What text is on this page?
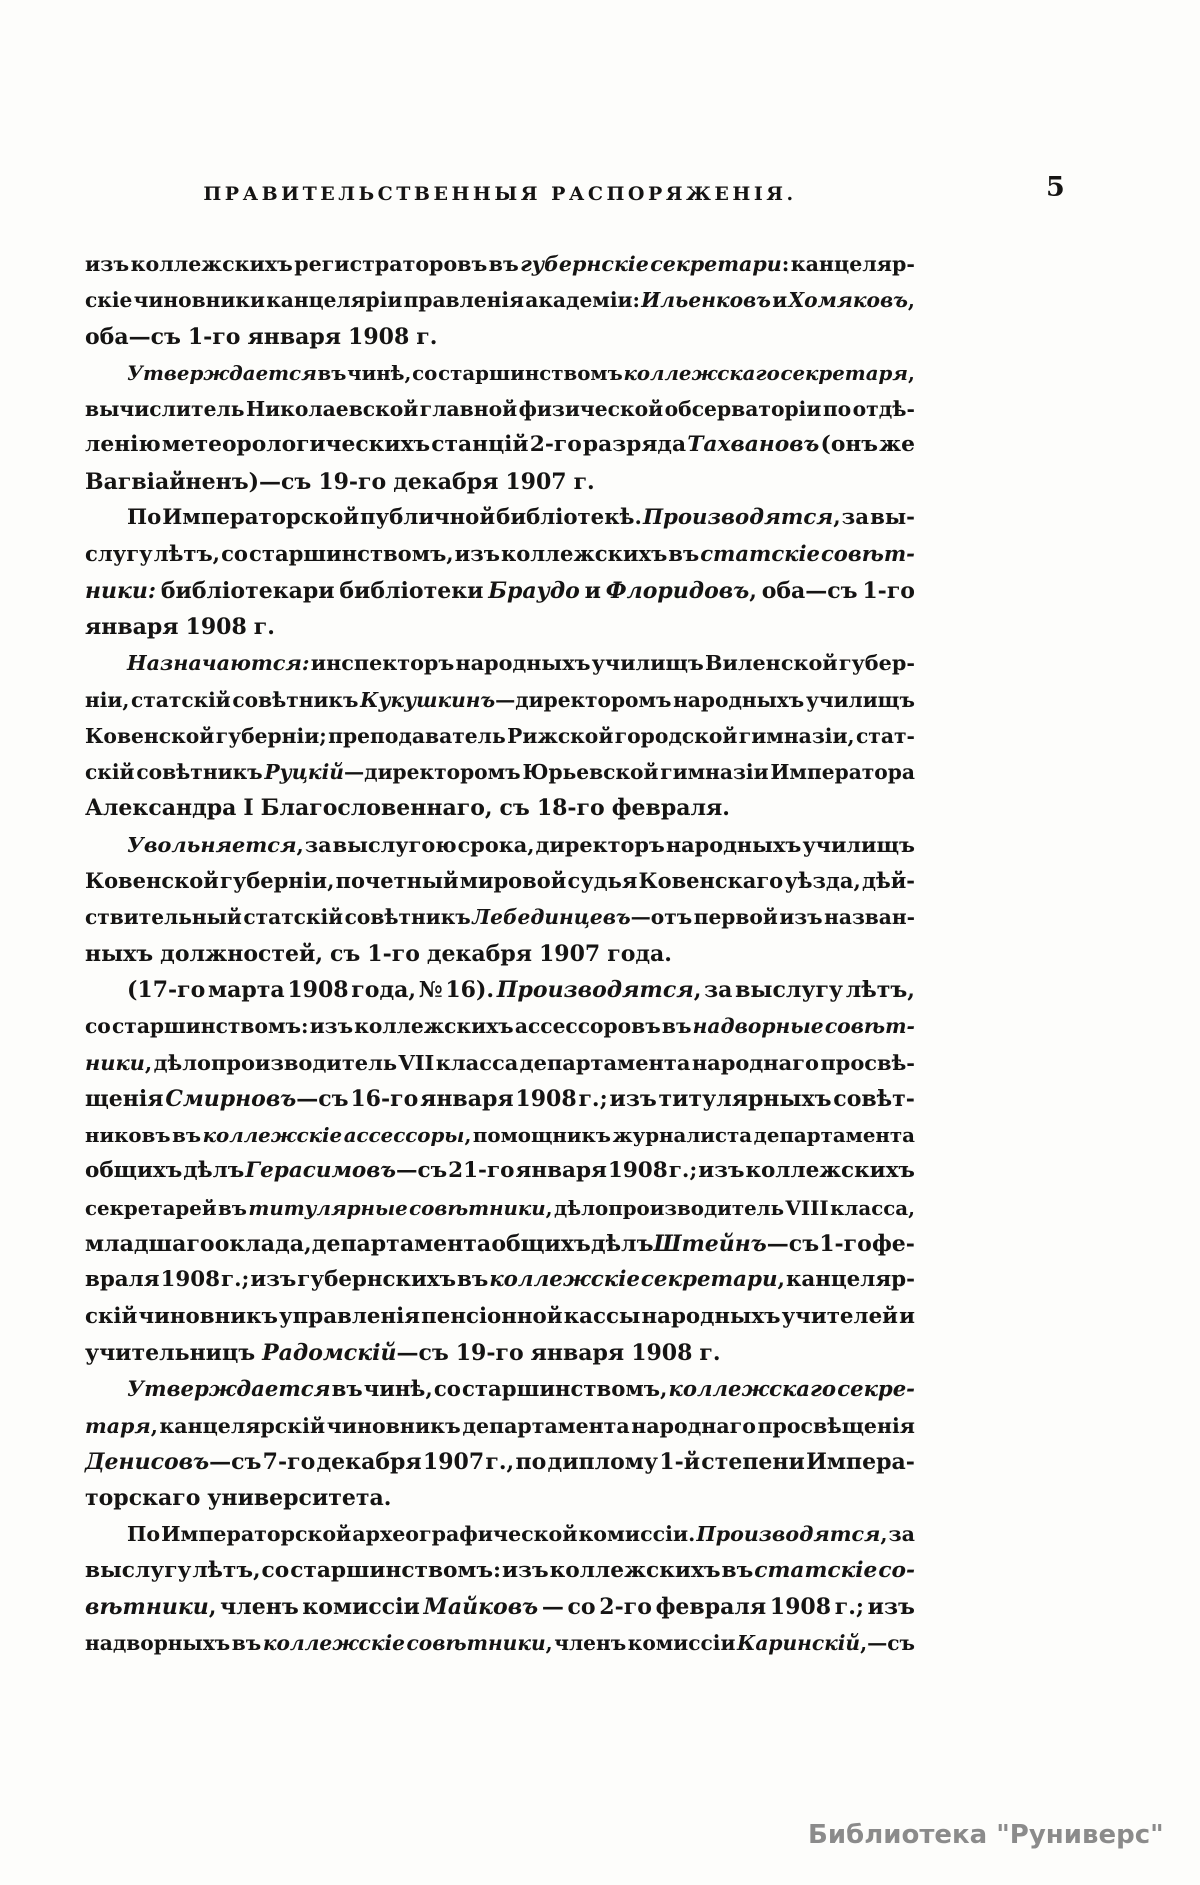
ПРАВИТЕЛЬСТВЕННЫЯ РАСПОРЯЖЕНІЯ.	5
изъ коллежскихъ регистраторовъ въ губернскіе секретари: канцеляр-
скіе чиновники канцеляріи правленія академіи: Ильенковъ и Хомяковъ,
оба—съ 1-го января 1908 г.
Утверждается въ чинѣ, со старшинствомъ коллежскаго секретаря,
вычислитель Николаевской главной физической обсерваторіи по отдѣ-
ленію метеорологическихъ станцій 2-го разряда Тахвановъ (онъ же
Вагвіайненъ)—съ 19-го декабря 1907 г.
По Императорской публичной библіотекѣ. Производятся, за вы-
слугу лѣтъ, со старшинствомъ, изъ коллежскихъ въ статскіе совѣт-
ники: библіотекари библіотеки Браудо и Флоридовъ, оба—съ 1-го
января 1908 г.
Назначаются: инспекторъ народныхъ училищъ Виленской губер-
ніи, статскій совѣтникъ Кукушкинъ—директоромъ народныхъ училищъ
Ковенской губерніи; преподаватель Рижской городской гимназіи, стат-
скій совѣтникъ Руцкій—директоромъ Юрьевской гимназіи Императора
Александра I Благословеннаго, съ 18-го февраля.
Увольняется, за выслугою срока, директоръ народныхъ училищъ
Ковенской губерніи, почетный мировой судья Ковенскаго уѣзда, дѣй-
ствительный статскій совѣтникъ Лебединцевъ—отъ первой изъ назван-
ныхъ должностей, съ 1-го декабря 1907 года.
(17-го марта 1908 года, № 16). Производятся, за выслугу лѣтъ,
со старшинствомъ: изъ коллежскихъ ассессоровъ въ надворные совѣт-
ники, дѣлопроизводитель VII класса департамента народнаго просвѣ-
щенія Смирновъ—съ 16-го января 1908 г.; изъ титулярныхъ совѣт-
никовъ въ коллежскіе ассессоры, помощникъ журналиста департамента
общихъ дѣлъ Герасимовъ—съ 21-го января 1908 г.; изъ коллежскихъ
секретарей въ титулярные совѣтники, дѣлопроизводитель VIII класса,
младшаго оклада, департамента общихъ дѣлъ Штейнъ—съ 1-го фе-
враля 1908 г.; изъ губернскихъ въ коллежскіе секретари, канцеляр-
скій чиновникъ управленія пенсіонной кассы народныхъ учителей и
учительницъ Радомскій—съ 19-го января 1908 г.
Утверждается въ чинѣ, со старшинствомъ, коллежскаго секре-
таря, канцелярскій чиновникъ департамента народнаго просвѣщенія
Денисовъ—съ 7-го декабря 1907 г., по диплому 1-й степени Импера-
торскаго университета.
По Императорской археографической комиссіи. Производятся, за
выслугу лѣтъ, со старшинствомъ: изъ коллежскихъ въ статскіе со-
вѣтники, членъ комиссіи Майковъ — со 2-го февраля 1908 г.; изъ
надворныхъ въ коллежскіе совѣтники, членъ комиссіи Каринскій,—съ
Библиотека "Руниверс"
